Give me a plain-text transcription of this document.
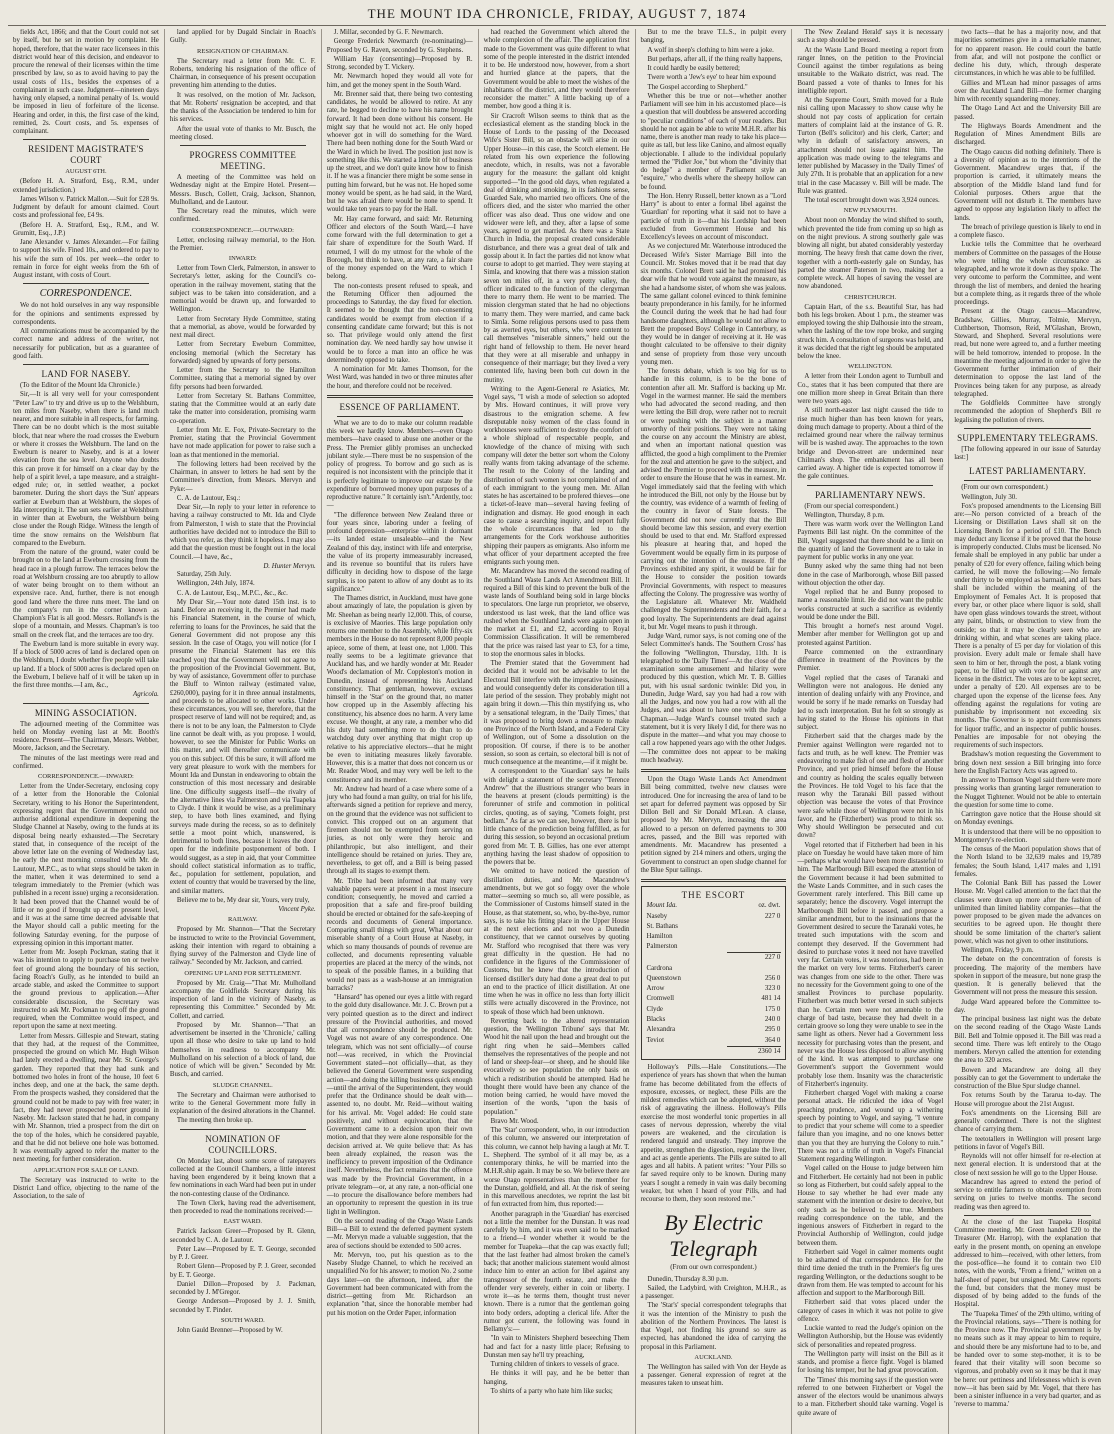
THE MOUNT IDA CHRONICLE, FRIDAY, AUGUST 7, 1874

fields Act, 1866; and that the Court could not set by itself, but he set in motion by complaint. He hoped, therefore, that the water race licensees in this district would hear of this decision, and endeavor to procure the renewal of their licenses within the time prescribed by law, so as to avoid having to pay the usual costs of 11s., besides the expenses of a complainant in such case. Judgment—nineteen days having only elapsed, a nominal penalty of 1s. would be imposed in lieu of forfeiture of the license. Hearing and order, in this, the first case of the kind, remitted, 2s. Court costs, and 5s. expenses of complainant.

RESIDENT MAGISTRATE'S COURT
AUGUST 6TH.

(Before H. A. Stratford, Esq., R.M., under extended jurisdiction.)

James Wilson v. Patrick Mallon.—Suit for £28 9s. Judgment by default for amount claimed. Court costs and professional fee, £4 9s.

(Before H. A. Stratford, Esq., R.M., and W. Grumitt, Esq., J.P.)

Jane Alexander v. James Alexander.—For failing to support his wife. Fined 10s., and ordered to pay to his wife the sum of 10s. per week—the order to remain in force for eight weeks from the 6th of August instant, with costs of Court.

CORRESPONDENCE.

We do not hold ourselves in any way responsible for the opinions and sentiments expressed by correspondents.

All communications must be accompanied by the correct name and address of the writer, not necessarily for publication, but as a guarantee of good faith.

LAND FOR NASEBY.

(To the Editor of the Mount Ida Chronicle.)

Sir,—It is all very well for your correspondent "Peter Law" to try and drive us up to the Welshburn, ten miles from Naseby, when there is land much nearer, and more suitable in all respects, for farming. There can be no doubt which is the most suitable block, that near where the road crosses the Eweburn or where it crosses the Welshburn. The land on the Eweburn is nearer to Naseby, and is at a lower elevation from the sea level. Anyone who doubts this can prove it for himself on a clear day by the help of a spirit level, a tape measure, and a straight-edged rule; or, in settled weather, a pocket barometer. During the short days the 'Sun' appears earlier at Eweburn than at Welshburn, the slopes of Ida intercepting it. The sun sets earlier at Welshburn in winter than at Eweburn, the Welshburn being close under the Rough Ridge. Witness the length of time the snow remains on the Welshburn flat compared to the Eweburn.

From the nature of the ground, water could be brought on to the land at Eweburn crossing from the head race in a plough furrow. The terraces below the road at Welshburn crossing are too abruptly to allow of water being brought on to them without an expensive race. And, further, there is not enough good land where the three runs meet. The land on the company's run in the corner known as Champion's Flat is all good. Messrs. Rolland's is the slope of a mountain, and Messrs. Chapman's is too small on the creek flat, and the terraces are too dry.

The Eweburn land is more suitable in every way. If a block of 5000 acres of land is declared open on the Welshburn, I doubt whether five people will take up land. If a block of 5000 acres is declared open on the Eweburn, I believe half of it will be taken up in the first three months.—I am, &c.,

Agricola.
MINING ASSOCIATION.

The adjourned meeting of the Committee was held on Monday evening last at Mr. Booth's residence. Present—The Chairman, Messrs. Webber, Moore, Jackson, and the Secretary.

The minutes of the last meetings were read and confirmed.

CORRESPONDENCE.—INWARD:

Letter from the Under-Secretary, enclosing copy of a letter from the Honorable the Colonial Secretary, writing to his Honor the Superintendent, expressing regret that the Government could not authorise additional expenditure in deepening the Sludge Channel at Naseby, owing to the funds at its disposal being nearly exhausted.—The Secretary stated that, in consequence of the receipt of the above letter late on the evening of Wednesday last, he early the next morning consulted with Mr. de Lautour, M.P.C., as to what steps should be taken in the matter, when it was determined to send a telegram immediately to the Premier (which was published in a recent issue) urging a reconsideration. It had been proved that the Channel would be of little or no good if brought up at the present level, and it was at the same time decreed advisable that the Mayor should call a public meeting for the following Saturday evening, for the purpose of expressing opinion in this important matter.

Letter from Mr. Joseph Pockman, stating that it was his intention to apply to purchase ten or twelve feet of ground along the boundary of his section, facing Roach's Gully, as he intended to build an arcade stable, and asked the Committee to support the ground previous to application.—After considerable discussion, the Secretary was instructed to ask Mr. Pockman to peg off the ground required, when the Committee would inspect, and report upon the same at next meeting.

Letter from Messrs. Gillespie and Stewart, stating that they had, at the request of the Committee, prospected the ground on which Mr. Hugh Wilson had lately erected a dwelling, near Mr. St. George's garden. They reported that they had sunk and bottomed two holes in front of the house, 10 feet 6 inches deep, and one at the back, the same depth. From the prospects washed, they considered that the ground could not be made to pay with free water; in fact, they had never prospected poorer ground in Naseby. Mr. Jackson stated that he had, in company with Mr. Shannon, tried a prospect from the dirt on the top of the holes, which he considered payable, and that he did not believe one hole was bottomed. It was eventually agreed to refer the matter to the next meeting, for further consideration.

APPLICATION FOR SALE OF LAND.

The Secretary was instructed to write to the District Land office, objecting to the name of the Association, to the sale of

land applied for by Dugald Sinclair in Roach's Gully.

RESIGNATION OF CHAIRMAN.

The Secretary read a letter from Mr. C. F. Roberts, tendering his resignation of the office of Chairman, in consequence of his present occupation preventing him attending to the duties.

It was resolved, on the motion of Mr. Jackson, that Mr. Roberts' resignation be accepted, and that the thanks of the Association be tendered to him for his services.

After the usual vote of thanks to Mr. Busch, the meeting closed.

PROGRESS COMMITTEE MEETING.

A meeting of the Committee was held on Wednesday night at the Empire Hotel. Present—Messrs. Busch, Collett, Craig, Jackson, Shannon, Mulholland, and de Lautour.

The Secretary read the minutes, which were confirmed.

CORRESPONDENCE.—OUTWARD:

Letter, enclosing railway memorial, to the Hon. the Premier.

INWARD:

Letter from Town Clerk, Palmerston, in answer to Secretary's letter, asking for the Council's co-operation in the railway movement, stating that the subject was to be taken into consideration, and a memorial would be drawn up, and forwarded to Wellington.

Letter from Secretary Hyde Committee, stating that a memorial, as above, would be forwarded by next mail direct.

Letter from Secretary Eweburn Committee, enclosing memorial (which the Secretary has forwarded) signed by upwards of forty persons.

Letter from the Secretary to the Hamilton Committee, stating that a memorial signed by over fifty persons had been forwarded.

Letter from Secretary St. Bathans Committee, stating that the Committee would at an early date take the matter into consideration, promising warm co-operation.

Letter from Mr. E. Fox, Private-Secretary to the Premier, stating that the Provincial Government have not made application for power to raise such a loan as that mentioned in the memorial.

The following letters had been received by the Chairman, in answer to letters he had sent by the Committee's direction, from Messrs. Mervyn and Pyke:—

C. A. de Lautour, Esq.:

Dear Sir,—In reply to your letter in reference to having a railway constructed to Mt. Ida and Clyde from Palmerston, I wish to state that the Provincial authorities have decided not to introduce the Bill to which you refer, as they think it hopeless. I may also add that the question must be fought out in the local Council.—I have, &c.,

D. Hunter Mervyn.

Saturday, 25th July.

Wellington, 24th July, 1874.

C. A. de Lautour, Esq., M.P.C., &c., &c.

My Dear Sir,—Your note dated 15th inst. is to hand. Before an receiving it, the Premier had made his Financial Statement, in the course of which, referring to loans for the Provinces, he said that the General Government did not propose any this session. In the case of Otago, you will notice (for I presume the Financial Statement has ere this reached you) that the Government will not agree to the proposition of the Provincial Government. But, by way of assistance, Government offer to purchase the Bluff to Winton railway (estimated value, £260,000), paying for it in three annual instalments, and proceeds to be allocated to other works. Under these circumstances, you will see, therefore, that the prospect reserve of land will not be required; and, as there is not to be any loan, the Palmerston to Clyde line cannot be dealt with, as you propose. I would, however, to see the Minister for Public Works on this matter, and will thereafter communicate with you on this subject. Of this be sure, it will afford me very great pleasure to work with the members for Mount Ida and Dunstan in endeavoring to obtain the construction of this most necessary and desirable line. One difficulty suggests itself—the rivalry of the alternative lines via Palmerston and via Tuapeka to Clyde. I think it would be wise, as a preliminary step, to have both lines examined, and flying surveys made during the recess, so as to definitely settle a moot point which, unanswered, is detrimental to both lines, because it leaves the door open for the indefinite postponement of both. I would suggest, as a step in aid, that your Committee should collect statistical information as to traffic, &c., population for settlement, population, and extent of country that would be traversed by the line, and similar matters.

Believe me to be, My dear sir, Yours, very truly,

Vincent Pyke.
RAILWAY.

Proposed by Mr. Shannon—"That the Secretary be instructed to write to the Provincial Government, asking their intention with regard to obtaining a flying survey of the Palmerston and Clyde line of railway." Seconded by Mr. Jackson, and carried.

OPENING UP LAND FOR SETTLEMENT.

Proposed by Mr. Craig—"That Mr. Mulholland accompany the Goldfields Secretary during his inspection of land in the vicinity of Naseby, as representing this Committee." Seconded by Mr. Collett, and carried.

Proposed by Mr. Shannon—"That an advertisement be inserted in the 'Chronicle,' calling upon all those who desire to take up land to hold themselves in readiness to accompany Mr. Mulholland on his selection of a block of land, due notice of which will be given." Seconded by Mr. Busch, and carried.

SLUDGE CHANNEL.

The Secretary and Chairman were authorised to write to the General Government more fully in explanation of the desired alterations in the Channel.

The meeting then broke up.

NOMINATION OF COUNCILLORS.

On Monday last, about some score of ratepayers collected at the Council Chambers, a little interest having been engendered by it being known that a few nominations in each Ward had been put in under the non-contesting clause of the Ordinance.

The Town Clerk, having read the advertisement, then proceeded to read the nominations received:—

EAST WARD.

Patrick Jackson Greer—Proposed by R. Glenn, seconded by C. A. de Lautour.

Peter Law—Proposed by E. T. George, seconded by P. J. Greer.

Robert Glenn—Proposed by P. J. Greer, seconded by E. T. George.

Daniel Dillon—Proposed by J. Packman, seconded by J. M'Gregor.

George Anderson—Proposed by J. J. Smith, seconded by T. Pinder.

SOUTH WARD.

John Gauld Brenner—Proposed by W.

J. Millar, seconded by G. F. Newmarch.

George Frederick Newmarch (re-nominating)—Proposed by G. Raven, seconded by G. Stephens.

William Hay (consenting)—Proposed by R. Strong, seconded by T. Vickery.

Mr. Newmarch hoped they would all vote for him, and get the money spent in the South Ward.

Mr. Brenner said that, there being two contesting candidates, he would be allowed to retire. At any rate, he begged to decline to have his name brought forward. It had been done without his consent. He might say that he would not act. He only hoped whoever got in will do something for the Ward. There had been nothing done for the South Ward or the Ward in which he lived. The position just now is something like this. We started a little bit of business up the street, and we don't quite know how to finish it. If he was a financier there might be some sense in putting him forward, but he was not. He hoped some money would be spent, as he had said, in the Ward, but he was afraid there would be none to spend. It would take ten years to pay for the Hall.

Mr. Hay came forward, and said: Mr. Returning Officer and electors of the South Ward,—I have come forward with the full determination to get a fair share of expenditure for the South Ward. If returned, I will do my utmost for the whole of the Borough, but think to have, at any rate, a fair share of the money expended on the Ward to which I belong.

The non-contests present refused to speak, and the Returning Officer then adjourned the proceedings to Saturday, the day fixed for election. It seemed to be thought that the non-consenting candidates would be exempt from election if a consenting candidate came forward; but this is not so. That privilege would only attend the first nomination day. We need hardly say how unwise it would be to force a man into an office he was determinedly opposed to take.

A nomination for Mr. James Thomson, for the West Ward, was handed in two or three minutes after the hour, and therefore could not be received.

ESSENCE OF PARLIAMENT.

What we are to do to make our column readable this week we hardly know. Members—even Otago members—have ceased to abuse one another or the Press. The Premier glibly promises an unchecked jubilant style.—There must be no suspension of the policy of progress. To borrow and go such as is required is not inconsistent with the principle that it is perfectly legitimate to improve our estate by the expenditure of borrowed money upon purposes of a reproductive nature." It certainly isn't."Ardently, too:—

"The difference between New Zealand three or four years since, laboring under a feeling of profound depression—enterprise within it dormant—its landed estate unsaleable—and the New Zealand of this day, instinct with life and enterprise, the value of its property immeasurably increased, and its revenue so bountiful that its rulers have difficulty in deciding how to dispose of the large surplus, is too patent to allow of any doubt as to its significance."

The Thames district, in Auckland, must have gone about amazingly of late, the population is given by Mr. Sheehan as being nearly 12,000. This, of course, is exclusive of Maories. This large population only returns one member to the Assembly, while fifty-six members in the House do not represent 8,000 people apiece, some of them, at least one, not 1,000. This really seems to be a legitimate grievance that Auckland has, and we hardly wonder at Mr. Reader Wood's declamation of Mr. Coppleston's motion in Dunedin, instead of representing his Auckland constituency. That gentleman, however, excuses himself in the 'Star' on the ground that, no matter how cropped up in the Assembly affecting his constituency, his absence does no harm. A very lame excuse. We thought, at any rate, a member who did his duty had something more to do than to do watchdog duty over anything that might crop up relative to his appreciative electors—that he might be even to initiating measures likely favorable. However, this is a matter that does not concern us or Mr. Reader Wood, and may very well be left to the constituency and its member.

Mr. Andrew had heard of a case where some of a jury who had found a man guilty, on trial for his life, afterwards signed a petition for reprieve and mercy, on the ground that the evidence was not sufficient to convict. This cropped out on an argument that firemen should not be exempted from serving on juries, as not only were they heroic and philanthropic, but also intelligent, and their intelligence should be retained on juries. They are, nevertheless, to get off, and a Bill is being passed through all its stages to exempt them.

Mr. Tribe had been informed that many very valuable papers were at present in a most insecure condition; consequently, he moved and carried a proposition that a safe and fire-proof building should be erected or obtained for the safe-keeping of records and documents of General importance. Comparing small things with great, What about our miserable shanty of a Court House at Naseby, in which so many thousands of pounds of revenue are collected, and documents representing valuable properties are placed at the mercy of the winds, not to speak of the possible flames, in a building that would not pass as a wash-house at an immigration barracks?

"Hansard" has opened our eyes a little with regard to the gold duty disallowance. Mr. J. C. Brown put a very pointed question as to the direct and indirect pressure of the Provincial authorities, and moved that all correspondence should be produced. Mr. Vogel was not aware of any correspondence. One telegram, which was not sent officially—of course not!—was received, in which the Provincial Government stated—not officially—that, as they believed the General Government were suspending action—and doing the killing business quick enough—until the arrival of the Superintendent, they would prefer that the Ordinance should be dealt with—assented to, no doubt. Mr. Reid—without waiting for his arrival. Mr. Vogel added: He could state positively, and without equivocation, that the Government came to a decision upon their own motion, and that they were alone responsible for the decision arrived at. We quite believe that: As has been already explained, the reason was the inefficiency to prevent imposition of the Ordinance itself. Nevertheless, the fact remains that the offence was made by the Provincial Government, in a private telegram—or, at any rate, a non-official one—to procure the disallowance before members had an opportunity to represent the question in its true light in Wellington.

On the second reading of the Otago Waste Lands Bill—a Bill to extend the deferred payment system—Mr. Mervyn made a valuable suggestion, that the area of sections should be extended to 500 acres.

Mr. Mervyn, too, put his question as to the Naseby Sludge Channel, to which he received an unqualified No for his answer; to motion No. 2 some days later—on the afternoon, indeed, after the Government had been communicated with from the district—getting from Mr. Richardson an explanation "that, since the honorable member had put his motion on the Order Paper, information

had reached the Government which altered the whole complexion of the affair. The application first made to the Government was quite different to what some of the people interested in the district intended it to be. He understood now, however, from a short and hurried glance at the papers, that the Government would be able to meet the wishes of the inhabitants of the district, and they would therefore reconsider the matter." A little backing up of a member, how good a thing it is.

Sir Cracroft Wilson seems to think that as the ecclesiastical element as the standing block in the House of Lords to the passing of the Deceased Wife's Sister Bill, so an obstacle will arise in our Upper House—in this case, the Scotch element. He related from his own experience the following anecdote, which, in results, was not a favorable augury for the measure: the gallant old knight supported—"In the good old days, when regulated a deal of drinking and smoking, in its fashions sense, Guarded Sale, who married two officers. One of the officers died, and the sister who married the other officer was also dead. Thus one widow and one widower were left, and they, after a lapse of some years, agreed to get married. As there was a State Church in India, the proposal created considerable disturbance, and there was a great deal of talk and gossip about it. In fact the parties did not know what course to adopt to get married. They were staying at Simla, and knowing that there was a mission station seven ten miles off, in a very pretty valley, the officer indicated to the function of the clergyman there to marry them. He went to be married. The mission clergyman stated that he had no objections to marry them. They were married, and came back to Simla. Some religious persons used to pass them by as averted eyes, but others, who were content to call themselves "miserable sinners," held out the right hand of fellowship to them. He never heard that they were at all miserable and unhappy in consequence of their marriage; but they lived a very contented life, having been both cut down in the mutiny.

Writing to the Agent-General re Asiatics, Mr. Vogel says, "I wish a mode of selection so adopted by Mrs. Howard continues, it will prove very disastrous to the emigration scheme. A few disreputable noisy women of the class found in workhouses were sufficient to destroy the comfort of a whole shipload of respectable people, and knowledge of the chance of mixing with such company will deter the better sort whom the Colony really wants from taking advantage of the scheme. The result to the Colony of the landing and distribution of such women is not complained of and of each immigrant to the young men. Mr. Allan states he has ascertained to be profered thieves—one a ticket-of-leave man—several having feeling of indignation and dismay. He good enough in each case to cause a searching inquiry, and report fully the whole circumstances that led to the arrangements for the Cork workhouse authorities shipping their paupers as emigrants. Also inform me what officer of your department accepted the free emigrants such young men.

Mr. Macandrew has moved the second reading of the Southland Waste Lands Act Amendment Bill. It required a Bill of this kind to prevent the bulk of the waste lands of Southland being sold in large blocks to speculators. One large run proprietor, we observe, understood us last week, that the land office was rushed when the Southland lands were again open in the market at £1, and £2, according to Royal Commission Classification. It will be remembered that the price was raised last year to £3, for a time, to stop the enormous sales in blocks.

The Premier stated that the Government had decided that it would not be advisable to let the Electoral Bill interfere with the imperative business, and would consequently defer its consideration till a late period of the session. They probably might not again bring it down.—This thin mystifying us, who by a sensational telegram, in the 'Daily Times,' that it was proposed to bring down a measure to make one Province of the North Island, and a Federal City of Wellington, out of Some a dissolution on the proposition. Of course, if there is to be another session, so soon as certain, so electoral bill is not of much consequence at the meantime,—if it might be.

A correspondent to the 'Guardian' says he hails with delight a statement of the secretary "Terence Andrew" that the illustrious stranger who bears in the heavens at present (clouds permitting) is the forerunner of strife and commotion in political circles, quoting, as of saying, "Comets foight, prst bedlam." As far as we can see, however, there is but little chance of the prediction being fulfilled, as for during this session, so beyond an occasional pretium gored from Mr. T. B. Gillies, has one ever attempt anything having the least shadow of opposition to the powers that be.

We omitted to have noticed the question of distillation duties, and Mr. Macandrew's amendments, but we got so foggy over the whole matter—seeming so much so, all were possible, as the Commissioner of Customs himself stated in the House, as that statement, so, who, by-the-bye, rumor says, is to take his fitting place in the Upper House at the next elections and not woo a Dunedin constituency, that we cannot ourselves by quoting Mr. Stafford who recognised that there was very great difficulty in the question. He had no confidence in the figures of the Commissioner of Customs, but he knew that the introduction of licensed distiller's duty had done a great deal to put an end to the practice of illicit distillation. At one time when he was in office no less than forty illicit stills were actually discovered in the Province, not to speak of those which had been unknown.

Reverting back to the altered representation question, the 'Wellington Tribune' says that Mr. Wood hit the nail upon the head and brought out the right ring when he said—Members called themselves the representatives of the people and not of land or sheep-fear—or sheep, and he should like evocatively so see population the only basis on which a redistribution should be attempted. Had he thought there would have been any chance of the motion being carried, he would have moved the insertion of the words, "upon the basis of population."

Bravo Mr. Wood.

The 'Star' correspondent, who, in our introduction of this column, we answered our interpretation of this column, we cannot help having a laugh at Mr. T. L. Shepherd. The symbol of it all may be, as a contemporary thinks, he will be married into the M.H.R.ship again. It may be so. We believe there are worse Otago representatives than the member for the Dunstan, goldfield, and all. At the risk of seeing in this marvellous anecdotes, we reprint the last bit of fun extracted from him, thus reported:—

Another paragraph in the 'Guardian' has exercised not a little the member for the Dunstan. It was read carefully by him, and it was even said to be marked to a friend—I wonder whether it would be the member for Tuapeka—that the cap was exactly full; that the last feather had almost broken the camel's back; that another malicious statement would almost induce him to enter an action for libel against any transgressor of the fourth estate, and make the offender very severely, either in coin or liberty. I wrote it—as he terms them, thought trust never known. There is a rumor that the gentleman going into body orders, adopting a clerical life. After the rumor got current, the following was found in Bellamy's:—

"In vain to Ministers Shepherd beseeching Them had and fact for a nasty little place; Refusing to Dunstan men say he'll try preaching,

Turning children of tinkers to vessels of grace.

He thinks it will pay, and he be better than hanging,

To shirts of a party who hate him like sucks;

But to me the brave T.L.S., in pulpit every banging,

A wolf in sheep's clothing to him were a joke.

But perhaps, after all, if the thing really happens,

It could hardly be easily bettered;

Twere worth a 'Jew's eye' to hear him expound

The Gospel according to Shepherd."

Whether this be true or not—whether another Parliament will see him in his accustomed place—is a question that will doubtless be answered according to "peculiar conditions" of each of your readers. But should he not again be able to write M.H.R. after his name, there is another man ready to take his place—quite as tall, but less like Canino, and almost equally objectionable. I allude to the individual popularly termed the "Pidler Joe," but whom the "divinity that do hedge" a member of Parliament style an "esquire," who dwells where the sheepy hollow can be found.

The Hon. Henry Russell, better known as a "Lord Harry" is about to enter a formal libel against the 'Guardian' for reporting what it said not to have a particle of truth in it—that his Lordship had been excluded from Government House and his Excellency's levees on account of misconduct.

As we conjectured Mr. Waterhouse introduced the Deceased Wife's Sister Marriage Bill into the Council. Mr. Stokes moved that it be read that day six months. Colonel Brett said he had promised his dear wife that he would vote against the measure, as she had a handsome sister, of whom she was jealous. The same gallant colonel evinced to think feminine beauty preponderance in his family, for he informed the Council during the week that he had had four handsome daughters, although he would not allow to Brett the proposed Boys' College in Canterbury, as they would be in danger of receiving at it. He was thought calculated to be offensive to their dignity and sense of propriety from those very uncouth young men.

The forests debate, which is too big for us to handle in this column, is to be the bone of contention after all. Mr. Stafford is backing up Mr. Vogel in the warmest manner. He said the members who had advocated the second reading, and then were letting the Bill drop, were rather not to recruit or were pushing with the subject in a manner unworthy of their positions. They were not taking the course on any account the Ministry are ablest, and when an important national question was afflicted, the good a high compliment to the Premier for the zeal and attention he gave to the subject, and advised the Premier to proceed with the measure, in order to ensure the House that he was in earnest. Mr. Vogel immediately said that the feeling with which he introduced the Bill, not only by the House but by the country, was evidence of a warmth of feeling of the country in favor of State forests. The Government did not now currently that the Bill should become law this session, and every exertion should be used to that end. Mr. Stafford expressed his pleasure at hearing that, and hoped the Government would be equally firm in its purpose of carrying out the intention of the measure. If the Provinces exhibited any spirit, it would be fair for the House to consider the position towards Provincial Governments, with respect to measures affecting the Colony. The progressive was worthy of the Legislature all. Whatever Mr. Waldheld challenged the Superintendents and their faith, for a good loyalty. The Superintendents are dead against it, but Mr. Vogel means to push it through.

Judge Ward, rumor says, is not coming one of the Select Committee's hands. The 'Southern Cross' has the following "Wellington, Thursday, 11th. It is telegraphed to the 'Daily Times'—At the close of the examination some amusement and hilarity were produced by this question, which Mr. T. B. Gillies put, with his usual sardonic twinkle: Did you, in Dunedin, Judge Ward, say you had had a row with all the Judges, and now you had a row with all the Judges, and was about to have one with the Judge Chapman.—Judge Ward's counsel treated such a statement, but it is very likely I did, for there was no dispute in the matter—and what you may choose to call a row happened years ago with the other Judges.—The committee does not appear to be making much headway.

Upon the Otago Waste Lands Act Amendment Bill being committed, twelve new clauses were introduced. One for increasing the area of land to be set apart for deferred payment was opposed by Sir Dillon Bell and Sir Donald M'Lean. A clause, proposed by Mr. Mervyn, increasing the area allowed to a person on deferred payments to 300 acres, passed, and the Bill was reported with amendments. Mr. Macandrew has presented a petition signed by 214 miners and others, urging the Government to construct an open sludge channel for the Blue Spur tailings.

THE ESCORT
Mount Ida.	oz. dwt.
Naseby	227 0
St. Bathans	
Hamilton	
Palmerston	
	227 0
Cardrona	
Queenstown	256 0
Arrow	323 0
Cromwell	481 14
Clyde	175 0
Blacks	240 0
Alexandra	295 0
Teviot	364 0
	2360 14

Holloway's Pills.—Hale Constitutions.—The experience of years has shown that when the human frame has become debilitated from the effects of exposure, excesses, or neglect, these Pills are the mildest remedies which can be adopted, without the risk of aggravating the illness. Holloway's Pills exercise the most wonderful tonic properties in all cases of nervous depression, whereby the vital powers are weakened, and the circulation is rendered languid and unsteady. They improve the appetite, strengthen the digestion, regulate the liver, and act as gentle aperients. The Pills are suited to all ages and all habits. A patient writes: "Your Pills so far saved require only to be known. During many years I sought a remedy in vain was daily becoming weaker, but when I heard of your Pills, and had recourse to them, they soon restored me."

By Electric Telegraph
(From our own correspondent.)

Dunedin, Thursday 8.30 p.m.

Sailed, the Ladybird, with Creighton, M.H.R., as a passenger.

The 'Star's' special correspondent telegraphs that it was the intention of the Ministry to push the abolition of the Northern Provinces. The latest is that Vogel, not finding his ground so sure as expected, has abandoned the idea of carrying the proposal in this Parliament.

AUCKLAND.

The Wellington has sailed with Von der Heyde as a passenger. General expression of regret at the measures taken to unseat him.

The 'New Zealand Herald' says it is necessary such a step should be pressed.

At the Waste Land Board meeting a report from ranger Innes, on the petition to the Provincial Council against the timber regulations as being unsuitable to the Waikato district, was read. The Board passed a vote of thanks to Innes for his intelligible report.

At the Supreme Court, Smith moved for a Rule nisi calling upon Macassey to show cause why he should not pay costs of application for certain matters of complaint laid at the instance of G. R. Turton (Bell's solicitor) and his clerk, Carter; and why in default of satisfactory answers, an attachment should not issue against him. The application was made owing to the telegrams and letter published by Macassey in the 'Daily Times' of July 27th. It is probable that an application for a new trial in the case Macassey v. Bill will be made. The Rule was granted.

The total escort brought down was 3,924 ounces.

NEW PLYMOUTH.

About noon on Monday the wind shifted to south, which prevented the tide from coming up so high as on the night previous. A strong southerly gale was blowing all night, but abated considerably yesterday morning. The heavy fresh that came down the river, together with a north-easterly gale on Sunday, has parted the steamer Paterson in two, making her a complete wreck. All hopes of saving the vessel are now abandoned.

CHRISTCHURCH.

Captain Hart, of the s.s. Beautiful Star, has had both his legs broken. About 1 p.m., the steamer was employed towing the ship Dalhousie into the stream, when the lashing of the tow rope broke, and surging struck him. A consultation of surgeons was held, and it was decided that the right leg should be amputated below the knee.

WELLINGTON.

A letter from their London agent to Turnbull and Co., states that it has been computed that there are one million more sheep in Great Britain than there were two years ago.

A still north-easter last night caused the tide to rise much higher than has been known for years, doing much damage to property. About a third of the reclaimed ground near where the railway terminus will be is washed away. The approaches to the town bridge and Devon-street are undermined near Chilman's shop. The embankment has all been carried away. A higher tide is expected tomorrow if the gale continues.

PARLIAMENTARY NEWS.

(From our special correspondent.)

Wellington, Thursday, 8 p.m.

There was warm work over the Wellington Land Payments Bill last night. On the committee of the Bill, Vogel suggested that there should be a limit on the quantity of land the Government are to take in payment for public works in any one year.

Bunny asked why the same thing had not been done in the case of Marlborough, whose Bill passed without objection the other day.

Vogel replied that he and Bunny proposed to name a reasonable limit. He did not want the public works constructed at such a sacrifice as evidently would be done under the Bill.

This brought a hornet's nest around Vogel. Member after member for Wellington got up and protested against Partition.

Pearce commented on the extraordinary difference in treatment of the Provinces by the Premier.

Vogel replied that the cases of Taranaki and Wellington were not analogous. He denied any intention of dealing unfairly with any Province, and would be sorry if he made remarks on Tuesday had led to such interpretation. But he felt so strongly as having stated to the House his opinions in that subject.

Fitzherbert said that the charges made by the Premier against Wellington were regarded not to facts and truth, as he well knew. The Premier was endeavoring to make fish of one and flesh of another Province, and yet pried himself before the House and country as holding the scales equally between the Provinces. He told Vogel to his face that the reason why the Taranaki Bill passed without objection was because the votes of that Province were safe while those of Wellington were not in his favor, and he (Fitzherbert) was proud to think so. Why should Wellington be persecuted and cut down?

Vogel retorted that if Fitzherbert had been in his place on Tuesday he would have taken more of him—perhaps what would have been more distasteful to him. The Marlborough Bill escaped the attention of the Government because it had been submitted to the Waste Lands Committee, and in such cases the Government rarely interfered. This Bill came up separately; hence the discovery. Vogel interrupt the Marlborough Bill before it passed, and propose a similar amendment, but to the insinuations that the Government desired to secure the Taranaki votes, he treated such imputations with the scorn and contempt they deserved. If the Government had desired to purchase votes it need not have travelled very far. Certain votes, it was notorious, had been in the market on very low terms. Fitzherbert's career was changes from one side to the other. There was no necessity for the Government going to one of the smallest Provinces to purchase popularity. Fitzherbert was much better versed in such subjects than he. Certain men were not amenable to the charge of bad taste, because they had dwelt in a certain groove so long they were unable to see in the same light as others. Never had a Government less necessity for purchasing votes than the present, and never was the House less disposed to allow anything of the kind. It was attempted to purchase one Government's support the Government would probably lose them. Insanity was the characteristic of Fitzherbert's ingenuity.

Fitzherbert charged Vogel with making a coarse personal attack. He ridiculed the idea of Vogel preaching prudence, and wound up a withering speech by pointing to Vogel, and saying, "I venture to predict that your scheme will come to a speedier failure than you imagine, and no one knows better than you that they are hurrying the Colony to ruin." There was not a trifle of truth in Vogel's Financial Statement regarding Wellington.

Vogel called on the House to judge between him and Fitzherbert. He certainly had not been in public so long as Fitzherbert, but could safely appeal to the House to say whether he had ever made any statement with the intention or desire to deceive, but only such as he believed to be true. Members reading correspondence on the table, and the ingenious answers of Fitzherbert in regard to the Provincial Authorship of Wellington, could judge between them.

Fitzherbert said Vogel in calmer moments ought to be ashamed of that correspondence. He for the third time denied the truth in the Premier's fig ures regarding Wellington, or the deductions sought to be drawn from them. He was tempted to account for his affection and support to the Marlborough Bill.

Fitzherbert said that votes placed under the category of cases in which it was not polite to give offence.

Luckie wanted to read the Judge's opinion on the Wellington Authorship, but the House was evidently sick of personalities and repeated progress.

The Wellington party will insist on the Bill as it stands, and promise a fierce fight. Vogel is blamed for losing his temper, but he had great provocation.

The 'Times' this morning says if the question were referred to one between Fitzherbert or Vogel the answer of the electors would be unanimous always to a man. Fitzherbert should take warning. Vogel is quite aware of

two facts—that he has a majority now, and that majorities sometimes give in a remarkable manner, for no apparent reason. He could court the battle from afar, and will not postpone the conflict or decline his duty, which, through desperate circumstances, in which he was able to be fulfilled.

Gillies and M'Lean had minor passages of arms over the Auckland Land Bill—the former charging him with recently squandering money.

The Otago Land Act and the University Bill are passed.

The Highways Boards Amendment and the Regulation of Mines Amendment Bills are discharged.

The Otago caucus did nothing definitely. There is a diversity of opinion as to the intentions of the Government. Macandrew urges that, if the proportion is carried, it ultimately means the absorption of the Middle Island land fund for Colonial purposes. Others argue that the Government will not disturb it. The members have agreed to oppose any legislation likely to affect the lands.

The breach of privilege question is likely to end in a complete fiasco.

Luckie tells the Committee that he overheard members of Committee on the passages of the House who were telling the whole circumstance as telegraphed, and he wrote it down as they spoke. The very outcome to perform the Committee, and went through the list of members, and denied the hearing but a complete thing, as it regards three of the whole proceedings.

Present at the Otago caucus—Macandrew, Bradshaw, Gillies, Murray, Tolmie, Mervyn, Cuthbertson, Thomson, Reid, M'Glashan, Brown, Steward, and Shepherd. Several resolutions were read, but none were agreed to, and a further meeting will be held tomorrow, intended to propose. In the meantime the meeting adjourned in order to give the Government further intimation of their determination to oppose the last land of the Provinces being taken for any purpose, as already telegraphed.

The Goldfields Committee have strongly recommended the adoption of Shepherd's Bill re legalising the pollution of rivers.

SUPPLEMENTARY TELEGRAMS.

[The following appeared in our issue of Saturday last:]

LATEST PARLIAMENTARY.

(From our own correspondent.)

Wellington, July 30.

Fox's proposed amendments to the Licensing Bill are:—No person convicted of a breach of the Licensing or Distillation Laws shall sit on the Licensing Bench for a period of £10. The Bench may deduct any license if it be proved that the house is improperly conducted. Clubs must be licensed. No female shall be employed in any public bar under a penalty of £20 for every offence, failing which being carried, he will move the following:—No female under thirty to be employed as barmaid, and all bars shall be included within the meaning of the Employment of Females Act. It is proposed that every bar, or other place where liquor is sold, shall have open glass windows towards the street, without any paint, blinds, or obstruction to view from the outside; so that it may be clearly seen who are drinking within, and what scenes are taking place. There is a penalty of £5 per day for violation of this provision. Every adult male or female shall have seen to him or her, through the post, a blank voting paper, to be filled up with vote for or against any license in the district. The votes are to be kept secret, under a penalty of £20. All expenses are to be charged upon the expense of the license fees. Any offending against the regulations for voting are punishable by imprisonment not exceeding six months. The Governor is to appoint commissioners for liquor traffic, and an inspector of public houses. Penalties are imposable for not obeying the requirements of such inspectors.

Bradshaw's motion requesting the Government to bring down next session a Bill bringing into force here the English Factory Acts was agreed to.

In answer to Thomson Vogel said there were more pressing works than granting larger remuneration to the Nugget Tightener. Would not be able to entertain the question for some time to come.

Carrington gave notice that the House should sit on Monday evenings.

It is understood that there will be no opposition to Montgomery's re-election.

The census of the Maori population shows that of the North Island to be 32,639 males and 19,789 females; the South Island, 1,417 males and 1,191 females.

The Colonial Bank Bill has passed the Lower House. Mr. Vogel called attention to the fact that the clauses were drawn up more after the fashion of unlimited than limited liability companies—that the power proposed to be given made the advances on securities to be agreed upon. He thought there should be some limitation of the charter's salient power, which was not given to other institutions.

Wellington, Friday, 9 p.m.

The debate on the concentration of forests is proceeding. The majority of the members have spoken in support of the measure, but none grasp the question. It is generally believed that the Government will not press the measure this session.

Judge Ward appeared before the Committee to-day.

The principal business last night was the debate on the second reading of the Otago Waste Lands Bill. Bell and Tolmie opposed it. The Bill was read a second time. There was left entirely to the Otago members. Mervyn called the attention for extending the area to 320 acres.

Bowen and Macandrew are doing all they possibly can to get the Government to undertake the construction of the Blue Spur sludge channel.

Fox returns South by the Tararua to-day. The House will prorogue about the 21st August.

Fox's amendments on the Licensing Bill are generally condemned. There is not the slightest chance of carrying them.

The teetotallers in Wellington will present large petitions in favor of Vogel's Bill.

Reynolds will not offer himself for re-election at next general election. It is understood that at the close of next session he will go to the Upper House.

Macandrew has agreed to extend the period of service to entitle farmers to obtain exemption from serving on juries to twelve months. The second reading was then agreed to.

At the close of the last Tuapeka Hospital Committee meeting, Mr. Green handed £20 to the Treasurer (Mr. Harrop), with the explanation that early in the present month, on opening an envelope addressed to him—received, with other letters, from the post-office—he found it to contain two £10 notes, with the words, "From a friend," written on a half-sheet of paper, but unsigned. Mr. Carew reports the fund, but considers that the money must be disposed of by being added to the funds of the Hospital.

The 'Tuapeka Times' of the 29th ultimo, writing of the Provincial relations, says—"There is nothing for the Province now. The Provincial government is by no means such as it may appear to him to require, and should there be any misfortune had to to be, and be handed over to some step-mother, it is to be feared that their vitality will soon become so vigorous, and probably even so it may be that it may be here: our pettiness and lifelessness which is even now—it has been said by Mr. Vogel, that there has been a sinister influence in a very bad quarter, and as 'reverse to mamma.'
